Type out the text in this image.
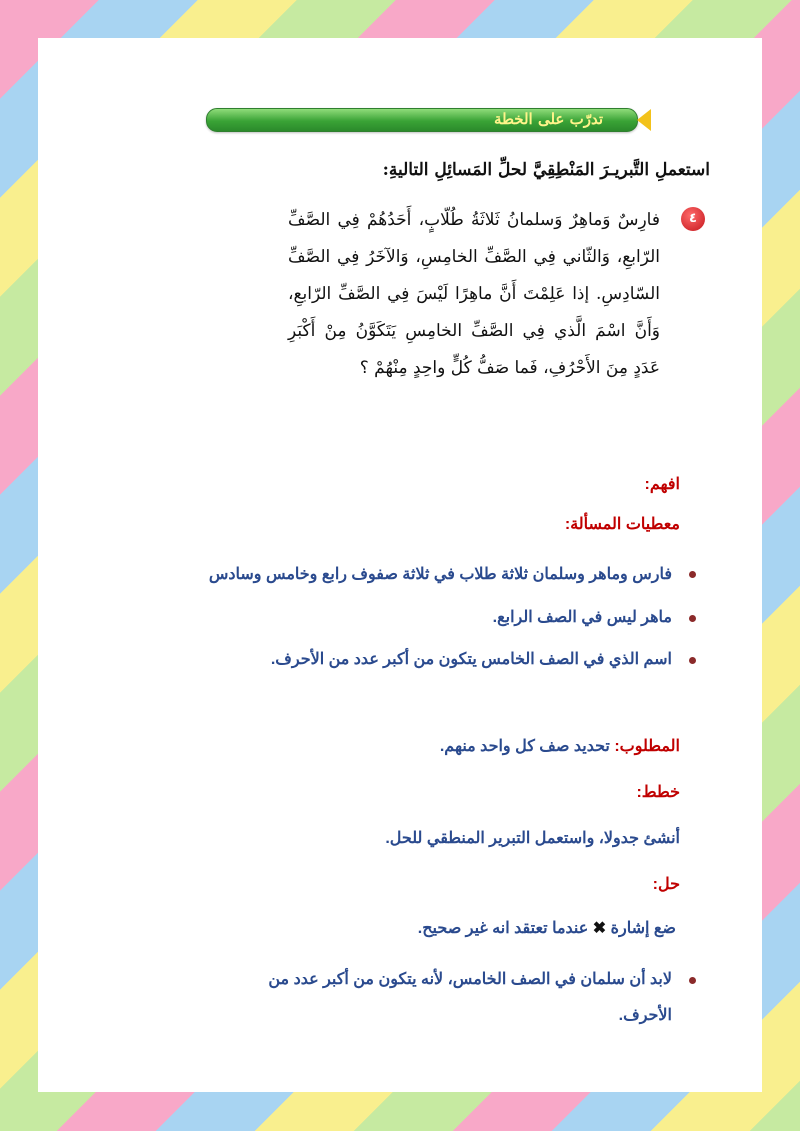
تدرّب على الخطة
استعملِ التَّبريـرَ المَنْطِقِيَّ لحلِّ المَسائِلِ التاليةِ:
٤
فارِسٌ وَماهِرٌ وَسلمانُ ثَلاثَةُ طُلّابٍ، أَحَدُهُمْ فِي الصَّفِّ الرّابعِ، وَالثّاني فِي الصَّفِّ الخامِسِ، وَالآخَرُ فِي الصَّفِّ السّادِسِ. إذا عَلِمْتَ أَنَّ ماهِرًا لَيْسَ فِي الصَّفِّ الرّابعِ، وَأَنَّ اسْمَ الَّذي فِي الصَّفِّ الخامِسِ يَتَكَوَّنُ مِنْ أَكْبَرِ عَدَدٍ مِنَ الأَحْرُفِ، فَما صَفُّ كُلٍّ واحِدٍ مِنْهُمْ ؟
افهم:
معطيات المسألة:
فارس وماهر وسلمان ثلاثة طلاب في ثلاثة صفوف رابع وخامس وسادس
ماهر ليس في الصف الرابع.
اسم الذي في الصف الخامس يتكون من أكبر عدد من الأحرف.
المطلوب: تحديد صف كل واحد منهم.
خطط:
أنشئ جدولا، واستعمل التبرير المنطقي للحل.
حل:
ضع إشارة ✖ عندما تعتقد انه غير صحيح.
لابد أن سلمان في الصف الخامس، لأنه يتكون من أكبر عدد من الأحرف.
